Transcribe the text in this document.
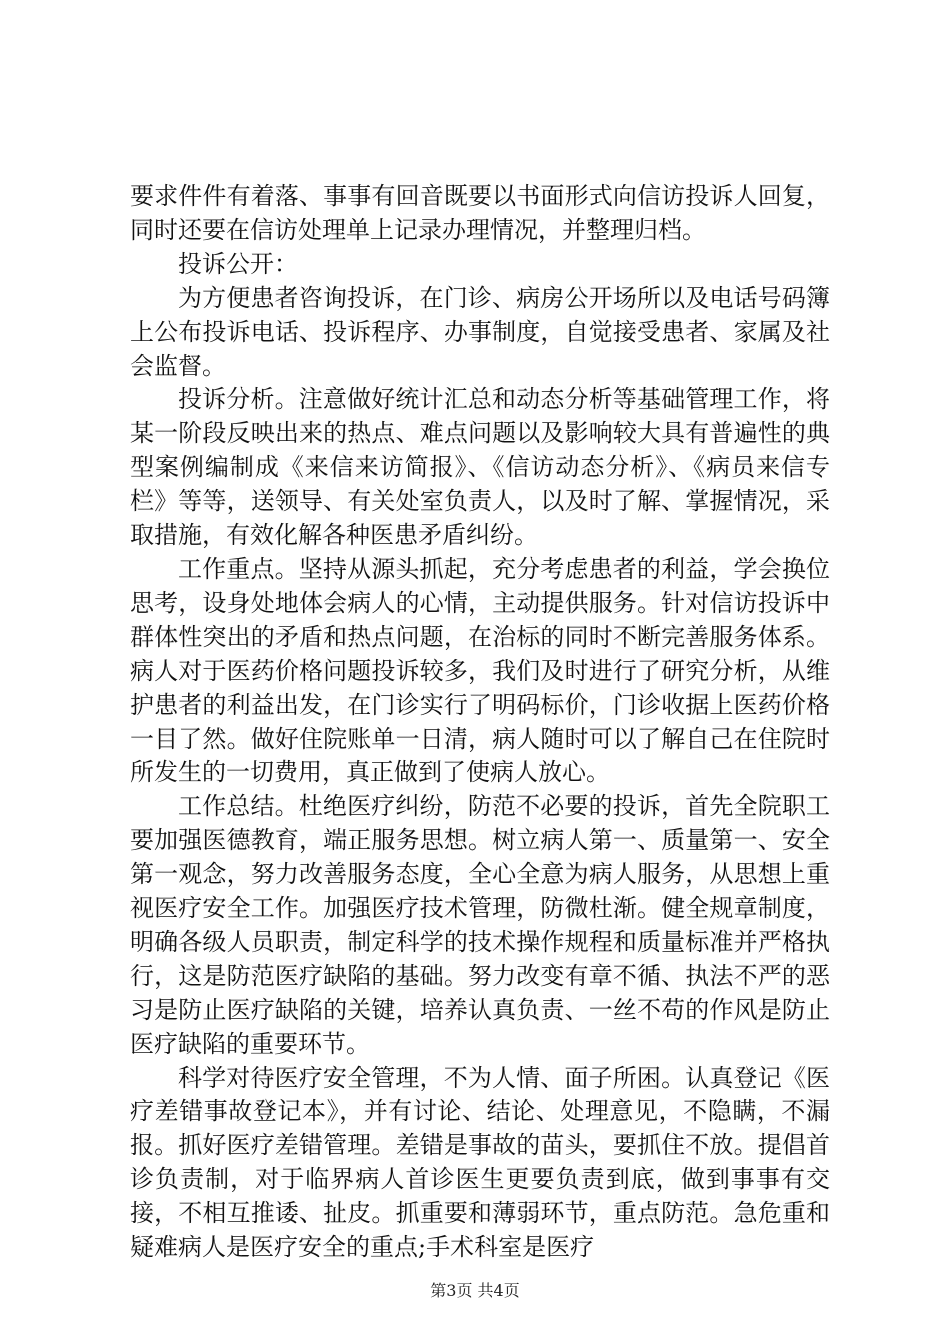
要求件件有着落、事事有回音既要以书面形式向信访投诉人回复，同时还要在信访处理单上记录办理情况，并整理归档。

投诉公开：

为方便患者咨询投诉，在门诊、病房公开场所以及电话号码簿上公布投诉电话、投诉程序、办事制度，自觉接受患者、家属及社会监督。

投诉分析。注意做好统计汇总和动态分析等基础管理工作，将某一阶段反映出来的热点、难点问题以及影响较大具有普遍性的典型案例编制成《来信来访简报》、《信访动态分析》、《病员来信专栏》等等，送领导、有关处室负责人，以及时了解、掌握情况，采取措施，有效化解各种医患矛盾纠纷。

工作重点。坚持从源头抓起，充分考虑患者的利益，学会换位思考，设身处地体会病人的心情，主动提供服务。针对信访投诉中群体性突出的矛盾和热点问题，在治标的同时不断完善服务体系。病人对于医药价格问题投诉较多，我们及时进行了研究分析，从维护患者的利益出发，在门诊实行了明码标价，门诊收据上医药价格一目了然。做好住院账单一日清，病人随时可以了解自己在住院时所发生的一切费用，真正做到了使病人放心。

工作总结。杜绝医疗纠纷，防范不必要的投诉，首先全院职工要加强医德教育，端正服务思想。树立病人第一、质量第一、安全第一观念，努力改善服务态度，全心全意为病人服务，从思想上重视医疗安全工作。加强医疗技术管理，防微杜渐。健全规章制度，明确各级人员职责，制定科学的技术操作规程和质量标准并严格执行，这是防范医疗缺陷的基础。努力改变有章不循、执法不严的恶习是防止医疗缺陷的关键，培养认真负责、一丝不苟的作风是防止医疗缺陷的重要环节。

科学对待医疗安全管理，不为人情、面子所困。认真登记《医疗差错事故登记本》，并有讨论、结论、处理意见，不隐瞒，不漏报。抓好医疗差错管理。差错是事故的苗头，要抓住不放。提倡首诊负责制，对于临界病人首诊医生更要负责到底，做到事事有交接，不相互推诿、扯皮。抓重要和薄弱环节，重点防范。急危重和疑难病人是医疗安全的重点;手术科室是医疗

第3页 共4页
